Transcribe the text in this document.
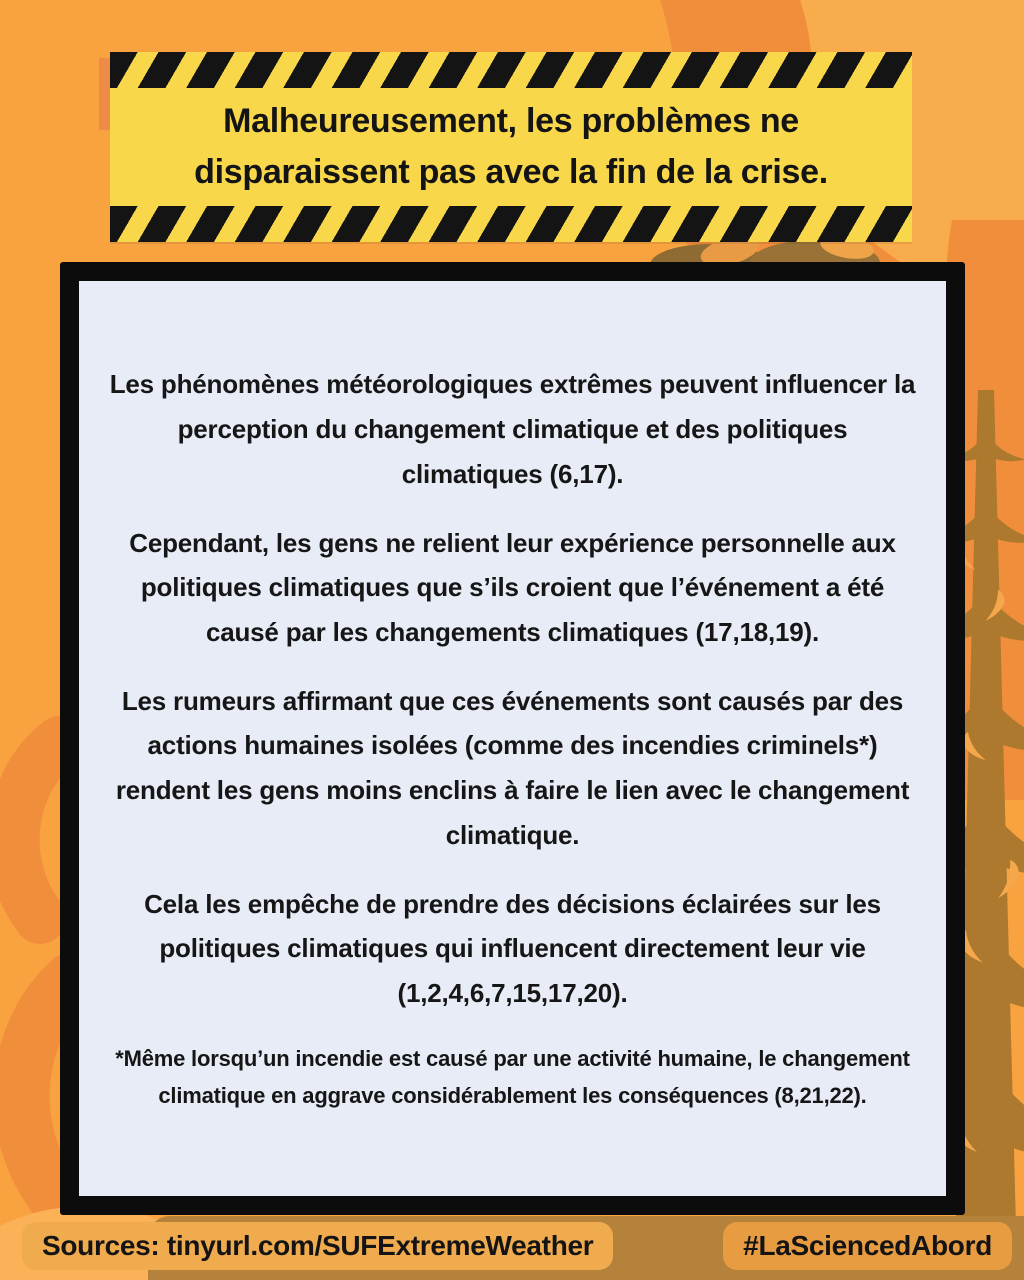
Malheureusement, les problèmes ne
disparaissent pas avec la fin de la crise.

Les phénomènes météorologiques extrêmes peuvent influencer la perception du changement climatique et des politiques climatiques (6,17).

Cependant, les gens ne relient leur expérience personnelle aux politiques climatiques que s’ils croient que l’événement a été causé par les changements climatiques (17,18,19).

Les rumeurs affirmant que ces événements sont causés par des actions humaines isolées (comme des incendies criminels*) rendent les gens moins enclins à faire le lien avec le changement climatique.

Cela les empêche de prendre des décisions éclairées sur les politiques climatiques qui influencent directement leur vie (1,2,4,6,7,15,17,20).

*Même lorsqu’un incendie est causé par une activité humaine, le changement climatique en aggrave considérablement les conséquences (8,21,22).

Sources: tinyurl.com/SUFExtremeWeather	#LaSciencedAbord
